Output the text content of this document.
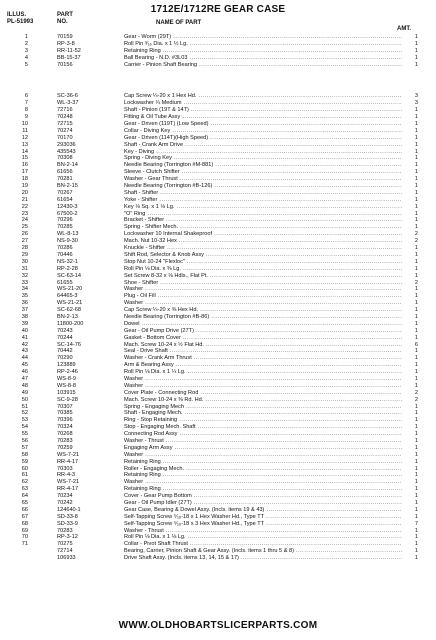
1712E/1712RE GEAR CASE
ILLUS.
PL-51993
PART
NO.	NAME OF PART
AMT.
1	70159	Gear - Worm (29T) .....	1
2	RP-3-8	Roll Pin ³⁄₁₆ Dia. x 1 ½ Lg. .....	1
3	RR-11-52	Retaining Ring .....	1
4	BB-15-37	Ball Bearing - N.D. #3L03 .....	1
5	70156	Carrier - Pinion Shaft Bearing .....	1
6	SC-36-6	Cap Screw ¼-20 x 1 Hex Hd. .....	3
7	WL-3-37	Lockwasher ¼ Medium .....	3
8	72716	Shaft - Pinion (19T & 14T) .....	1
9	70248	Fitting & Oil Tube Assy .....	1
10	72715	Gear - Driven (119T) (Low Speed) .....	1
11	70274	Collar - Diving Key .....	1
12	70170	Gear - Driven (114T)(High Speed) .....	1
13	293036	Shaft - Crank Arm Drive .....	1
14	435543	Key - Diving .....	1
15	70308	Spring - Diving Key .....	1
16	BN-2-14	Needle Bearing (Torrington #M-881) .....	1
17	61656	Sleeve - Clutch Shifter .....	1
18	70281	Washer - Gear Thrust .....	1
19	BN-2-15	Needle Bearing (Torrington #B-126) .....	1
20	70267	Shaft - Shifter .....	1
21	61654	Yoke - Shifter .....	1
22	12430-3	Key ⅛ Sq. x 1 ⅛ Lg. .....	1
23	67500-2	"O" Ring .....	1
24	70296	Bracket - Shifter .....	1
25	70285	Spring - Shifter Mech. .....	1
26	WL-8-13	Lockwasher 10 Internal Shakeproof .....	2
27	NS-9-30	Mach. Nut 10-32 Hex .....	2
28	70286	Knuckle - Shifter .....	1
29	70446	Shift Rod, Selector & Knob Assy .....	1
30	NS-32-1	Stop Nut 10-24 "Flexloc" .....	1
31	RP-2-28	Roll Pin ⅛ Dia. x ⅜ Lg. .....	1
32	SC-63-14	Set Screw 8-32 x ⅛ Hdls., Flat Pt. .....	1
33	61655	Shoe - Shifter .....	2
34	WS-21-20	Washer .....	1
35	64465-3	Plug - Oil Fill .....	1
36	WS-21-21	Washer .....	1
37	SC-62-68	Cap Screw ¼-20 x ⅜ Hex Hd. .....	1
38	BN-2-13	Needle Bearing (Torrington #B-86) .....	1
39	11800-200	Dowel .....	1
40	70243	Gear - Oil Pump Drive (27T) .....	1
41	70244	Gasket - Bottom Cover .....	1
42	SC-14-76	Mach. Screw 10-24 x ½ Flat Hd. .....	6
43	70442	Seal - Drive Shaft .....	1
44	70290	Washer - Crank Arm Thrust .....	1
45	123889	Arm & Bearing Assy .....	1
46	RP-2-46	Roll Pin ⅛ Dia. x 1 ¼ Lg. .....	1
47	WS-8-9	Washer .....	1
48	WS-8-8	Washer .....	1
49	103915	Cover Plate - Connecting Rod .....	2
50	SC-9-28	Mach. Screw 10-24 x ⅜ Rd. Hd. .....	2
51	70307	Spring - Engaging Mech .....	1
52	70385	Shaft - Engaging Mech. .....	1
53	70396	Ring - Stop Retaining .....	1
54	70324	Stop - Engaging Mech. Shaft .....	1
55	70268	Connecting Rod Assy .....	1
56	70283	Washer - Thrust .....	1
57	70259	Engaging Arm Assy .....	1
58	WS-7-21	Washer .....	1
59	RR-4-17	Retaining Ring .....	1
60	70303	Roller - Engaging Mech. .....	1
61	RR-4-3	Retaining Ring .....	1
62	WS-7-21	Washer .....	1
63	RR-4-17	Retaining Ring .....	1
64	70234	Cover - Gear Pump Bottom .....	1
65	70242	Gear - Oil Pump Idler (27T) .....	1
66	124640-1	Gear Case, Bearing & Dowel Assy. (Incls. items 19 & 43) .....	1
67	SD-33-8	Self-Tapping Screw ⁵⁄₁₆-18 x 1 Hex Washer Hd., Type TT .....	1
68	SD-33-9	Self-Tapping Screw ⁵⁄₁₆-18 x 3 Hex Washer Hd., Type TT .....	7
69	70283	Washer - Thrust .....	1
70	RP-3-12	Roll Pin ⅛ Dia. x 1 ⅛ Lg. .....	1
71	70275	Collar - Pivot Shaft Thrust .....	1
72714	Bearing, Carrier, Pinion Shaft & Gear Assy. (Incls. items 1 thru 5 & 8) .....	1
106933	Drive Shaft Assy. (Incls. items 13, 14, 15 & 17) .....	1
WWW.OLDHOBARTSLICERPARTS.COM
